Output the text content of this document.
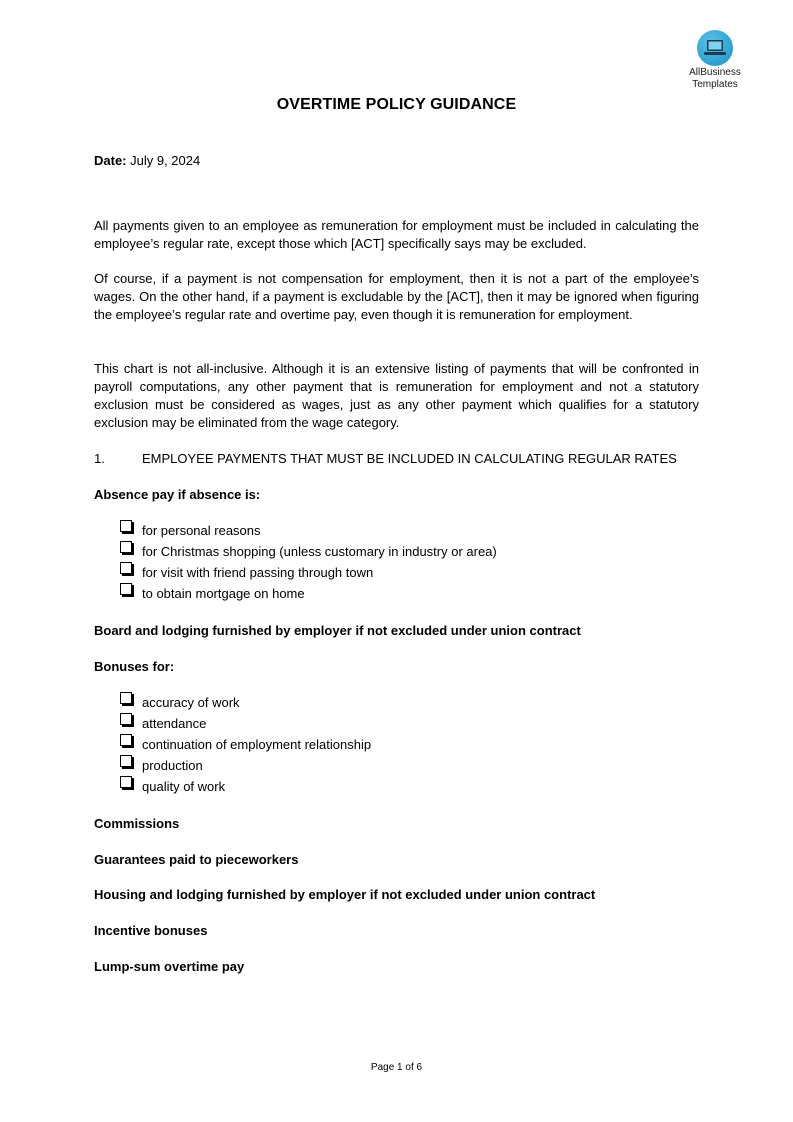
AllBusiness
Templates
OVERTIME POLICY GUIDANCE
Date: July 9, 2024

All payments given to an employee as remuneration for employment must be included in calculating the employee’s regular rate, except those which [ACT] specifically says may be excluded.

Of course, if a payment is not compensation for employment, then it is not a part of the employee’s wages. On the other hand, if a payment is excludable by the [ACT], then it may be ignored when figuring the employee’s regular rate and overtime pay, even though it is remuneration for employment.

This chart is not all-inclusive. Although it is an extensive listing of payments that will be confronted in payroll computations, any other payment that is remuneration for employment and not a statutory exclusion must be considered as wages, just as any other payment which qualifies for a statutory exclusion may be eliminated from the wage category.

1.	EMPLOYEE PAYMENTS THAT MUST BE INCLUDED IN CALCULATING REGULAR RATES
Absence pay if absence is:
for personal reasons
for Christmas shopping (unless customary in industry or area)
for visit with friend passing through town
to obtain mortgage on home
Board and lodging furnished by employer if not excluded under union contract
Bonuses for:
accuracy of work
attendance
continuation of employment relationship
production
quality of work
Commissions
Guarantees paid to pieceworkers
Housing and lodging furnished by employer if not excluded under union contract
Incentive bonuses
Lump-sum overtime pay
Page 1 of 6
